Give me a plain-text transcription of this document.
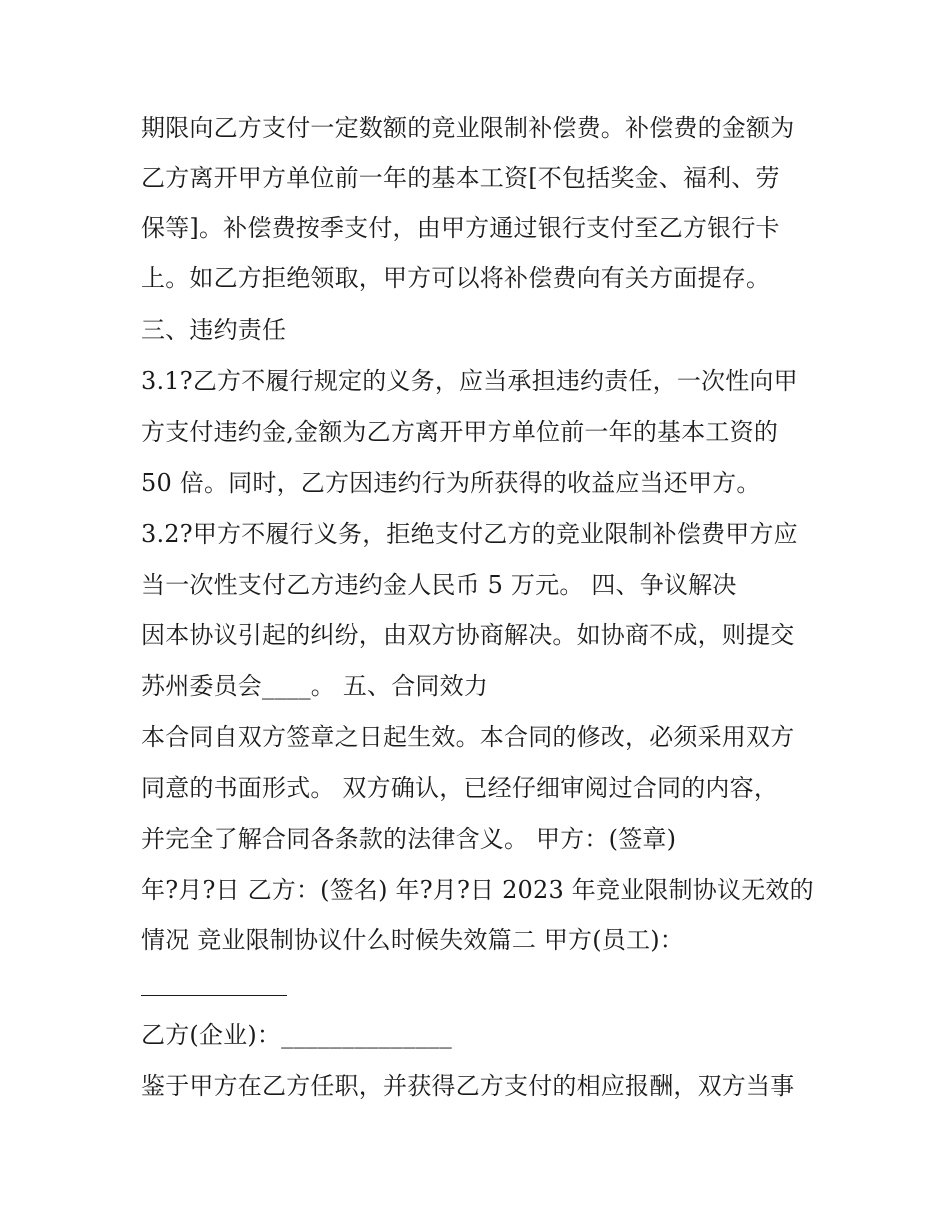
期限向乙方支付一定数额的竞业限制补偿费。补偿费的金额为
乙方离开甲方单位前一年的基本工资[不包括奖金、福利、劳
保等]。补偿费按季支付，由甲方通过银行支付至乙方银行卡
上。如乙方拒绝领取，甲方可以将补偿费向有关方面提存。
三、违约责任
3.1?乙方不履行规定的义务，应当承担违约责任，一次性向甲
方支付违约金,金额为乙方离开甲方单位前一年的基本工资的
50 倍。同时，乙方因违约行为所获得的收益应当还甲方。
3.2?甲方不履行义务，拒绝支付乙方的竞业限制补偿费甲方应
当一次性支付乙方违约金人民币 5 万元。 四、争议解决
因本协议引起的纠纷，由双方协商解决。如协商不成，则提交
苏州委员会____。 五、合同效力
本合同自双方签章之日起生效。本合同的修改，必须采用双方
同意的书面形式。 双方确认，已经仔细审阅过合同的内容，
并完全了解合同各条款的法律含义。 甲方：(签章)
年?月?日 乙方：(签名) 年?月?日 2023 年竞业限制协议无效的
情况 竞业限制协议什么时候失效篇二 甲方(员工)：
乙方(企业)：______________
鉴于甲方在乙方任职，并获得乙方支付的相应报酬，双方当事
